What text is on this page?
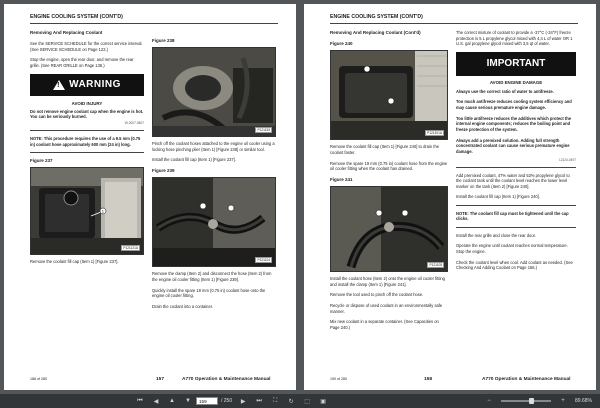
ENGINE COOLING SYSTEM (CONT'D)
Removing And Replacing Coolant

See the SERVICE SCHEDULE for the correct service interval. (See SERVICE SCHEDULE on Page 122.)

Stop the engine, open the rear door, and remove the rear grille. (See REAR GRILLE on Page 135.)

!
WARNING
AVOID INJURY
Do not remove engine coolant cap when the engine is hot. You can be seriously burned.
W-2007-0807

NOTE: This procedure requires the use of a 9.5 mm (0.75 in) coolant hose approximately 600 mm (24 in) long.

Figure 237
1
P121121A

Remove the coolant fill cap (Item 1) [Figure 237].

Figure 238
P121153

Pinch off the coolant hoses attached to the engine oil cooler using a locking hose pinching plier (Item 1) [Figure 238] or similar tool.

Install the coolant fill cap (Item 1) [Figure 237].

Figure 239
P121104

Remove the clamp (Item 2) and disconnect the hose (Item 2) from the engine oil cooler fitting (Item 1) [Figure 239].

Quickly install the spare 19 mm (0.75 in) coolant hose onto the engine oil cooler fitting.

Drain the coolant into a container.

188 of 280	157	A770 Operation & Maintenance Manual
Dealer Copy -- Not for Resale
ENGINE COOLING SYSTEM (CONT'D)
Removing And Replacing Coolant (Cont'd)
Figure 240
P121301A

Remove the coolant fill cap (Item 1) [Figure 240] to drain the coolant faster.

Remove the spare 19 mm (0.75 in) coolant hose from the engine oil cooler fitting when the coolant has drained.

Figure 241
P121105

Install the coolant hose (Item 2) onto the engine oil cooler fitting and install the clamp (Item 1) [Figure 241].

Remove the tool used to pinch off the coolant hose.

Recycle or dispose of used coolant in an environmentally safe manner.

Mix new coolant in a separate container. (See Capacities on Page 240.)

The correct mixture of coolant to provide a -37°C (-34°F) freeze protection is 5 L propylene glycol mixed with 4,4 L of water OR 1 U.S. gal propylene glycol mixed with 3,5 qt of water.

IMPORTANT
AVOID ENGINE DAMAGE

Always use the correct ratio of water to antifreeze.

Too much antifreeze reduces cooling system efficiency and may cause serious premature engine damage.

Too little antifreeze reduces the additives which protect the internal engine components; reduces the boiling point and freeze protection of the system.

Always add a premixed solution. Adding full strength concentrated coolant can cause serious premature engine damage.

I-2124-0497

Add premixed coolant, 47% water and 53% propylene glycol to the coolant tank until the coolant level reaches the lower level marker on the tank (Item 2) [Figure 240].

Install the coolant fill cap (Item 1) [Figure 240].

NOTE: The coolant fill cap must be tightened until the cap clicks.

Install the rear grille and close the rear door.

Operate the engine until coolant reaches normal temperature. Stop the engine.

Check the coolant level when cool. Add coolant as needed. (See Checking And Adding Coolant on Page 156.)

190 of 280	158	A770 Operation & Maintenance Manual
⏮ ◀ ▲ ▼	159	/ 250 ▶ ⏭	⛶	↻ ⬚ ▣	−	+	89.68%
